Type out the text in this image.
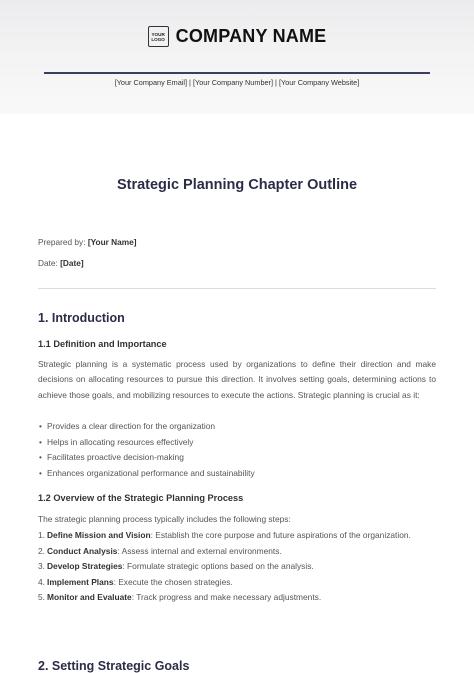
YOUR
LOGO COMPANY NAME
[Your Company Email] | [Your Company Number] | [Your Company Website]
Strategic Planning Chapter Outline
Prepared by: [Your Name]
Date: [Date]
1. Introduction
1.1 Definition and Importance

Strategic planning is a systematic process used by organizations to define their direction and make decisions on allocating resources to pursue this direction. It involves setting goals, determining actions to achieve those goals, and mobilizing resources to execute the actions. Strategic planning is crucial as it:

• Provides a clear direction for the organization
• Helps in allocating resources effectively
• Facilitates proactive decision-making
• Enhances organizational performance and sustainability
1.2 Overview of the Strategic Planning Process

The strategic planning process typically includes the following steps:

1. Define Mission and Vision: Establish the core purpose and future aspirations of the organization.
2. Conduct Analysis: Assess internal and external environments.
3. Develop Strategies: Formulate strategic options based on the analysis.
4. Implement Plans: Execute the chosen strategies.
5. Monitor and Evaluate: Track progress and make necessary adjustments.
2. Setting Strategic Goals
